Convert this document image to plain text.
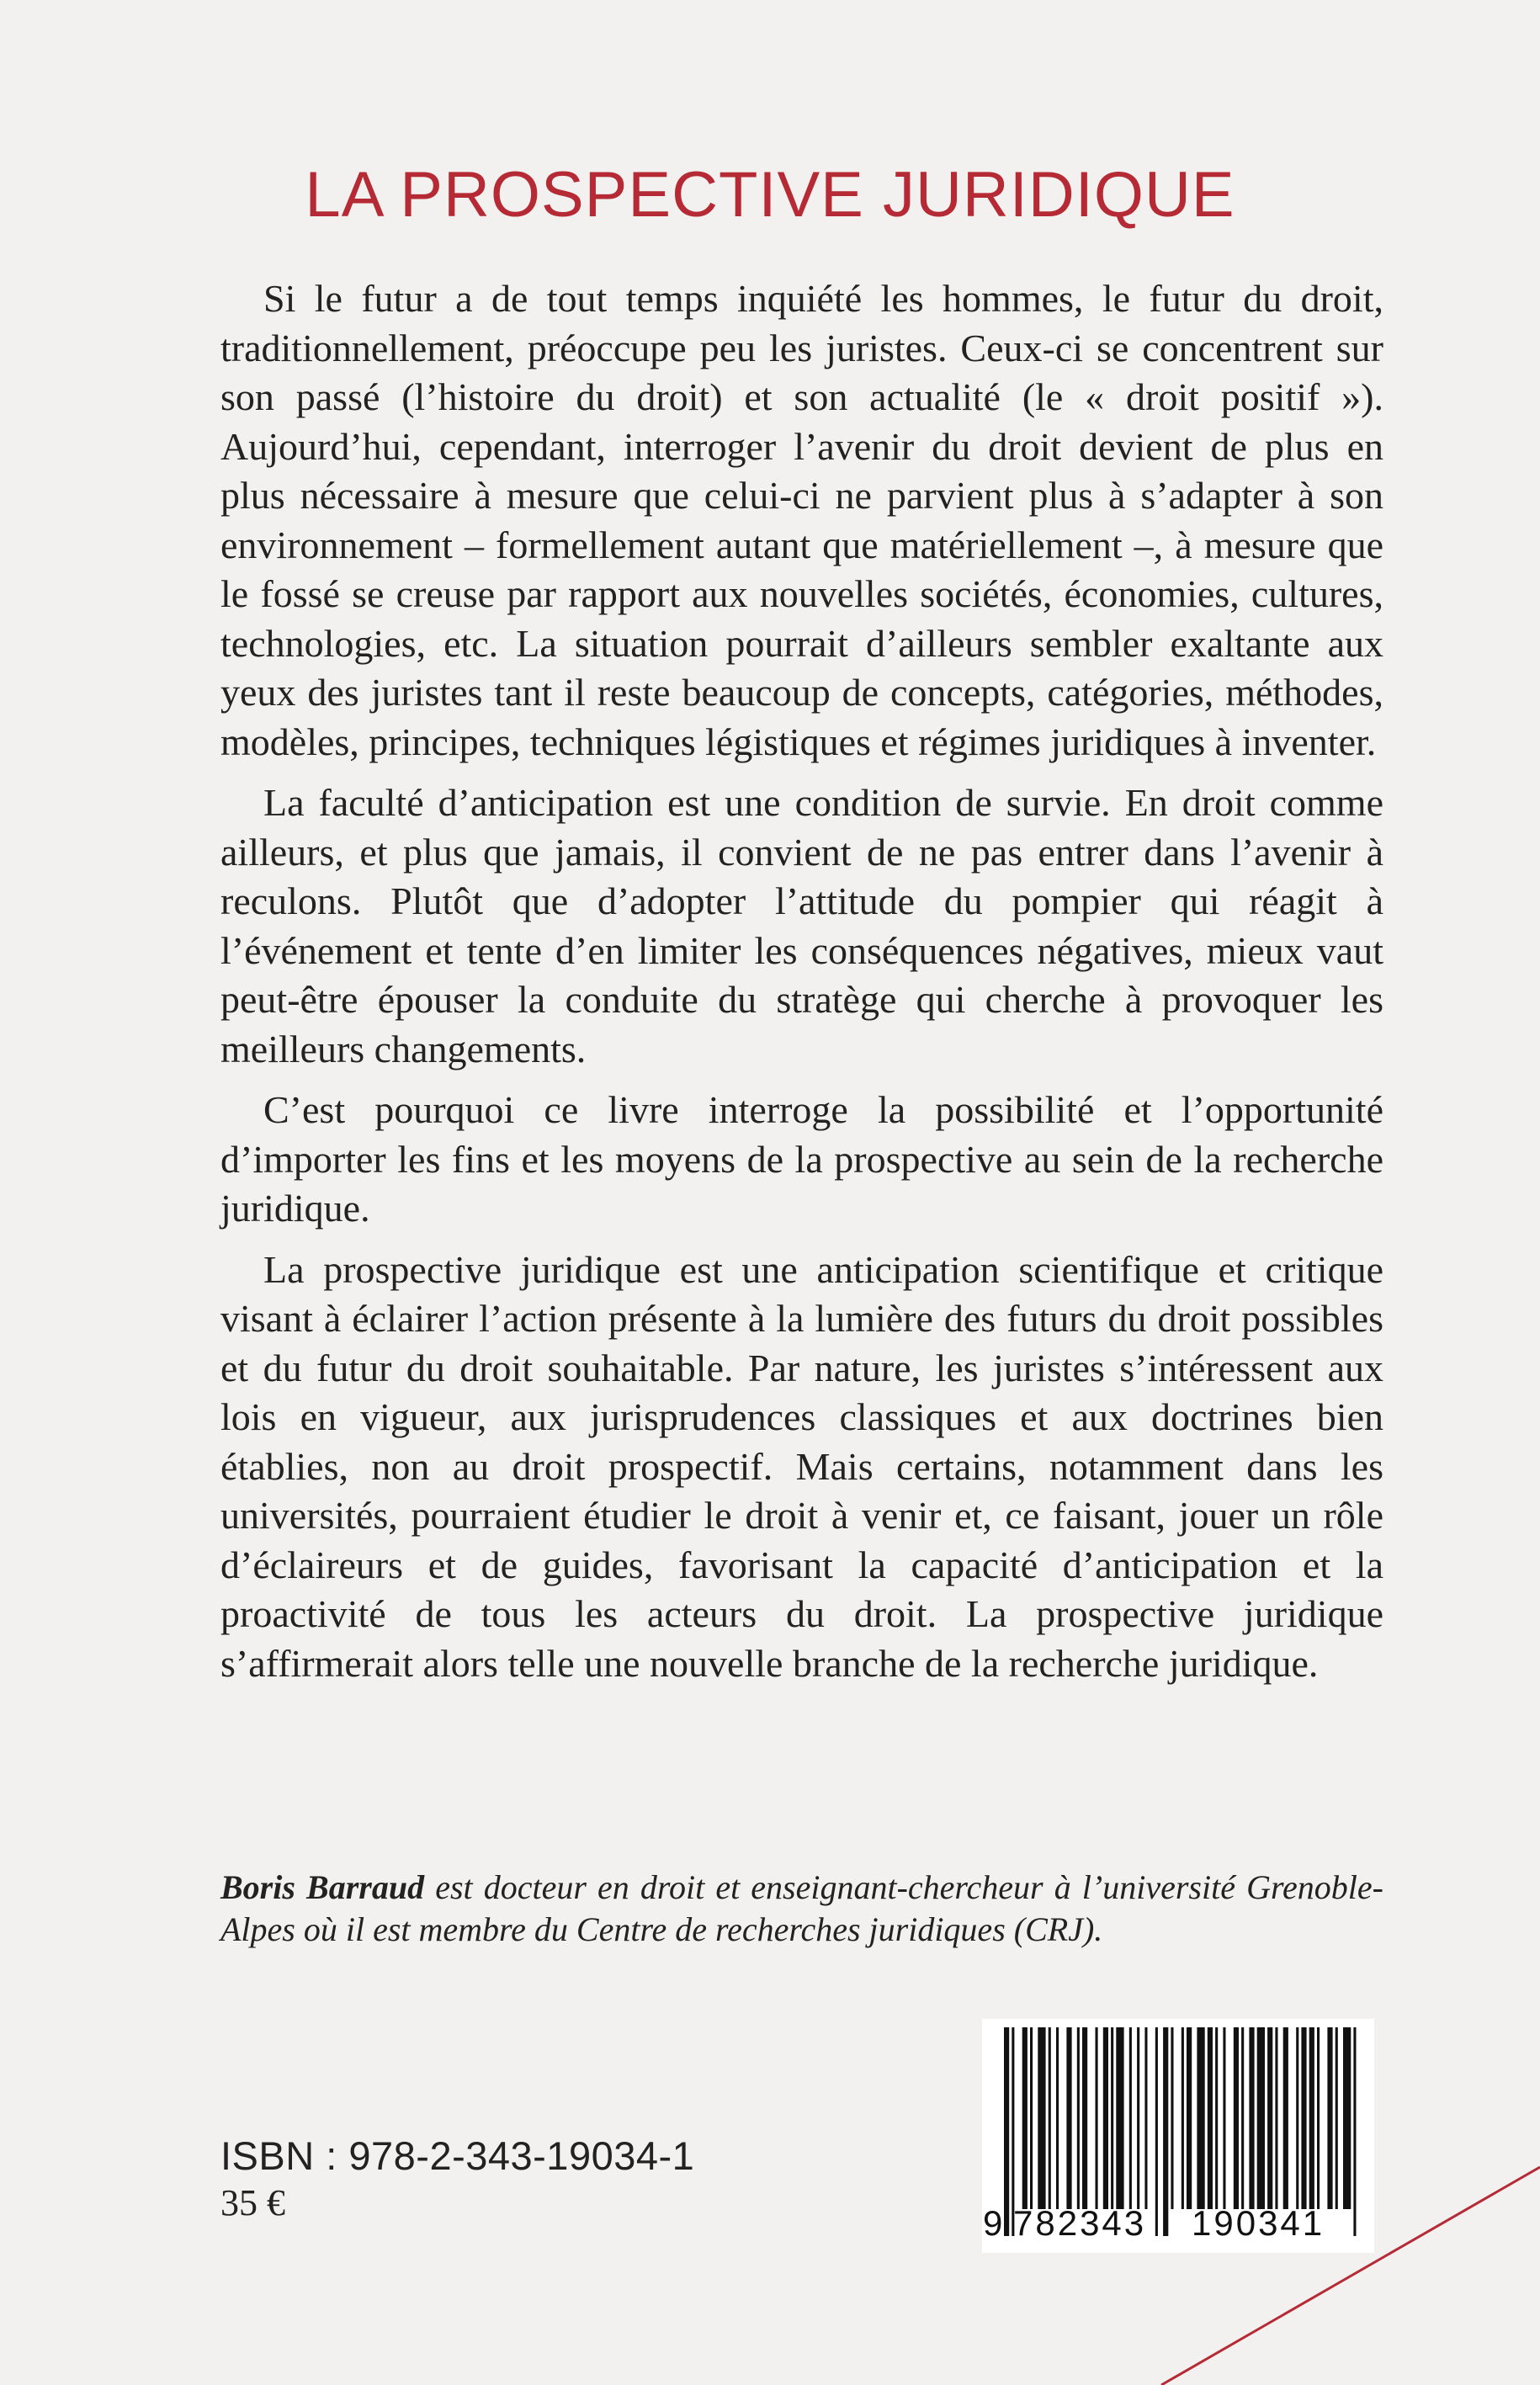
LA PROSPECTIVE JURIDIQUE

Si le futur a de tout temps inquiété les hommes, le futur du droit, traditionnellement, préoccupe peu les juristes. Ceux-ci se concentrent sur son passé (l’histoire du droit) et son actualité (le « droit positif »). Aujourd’hui, cependant, interroger l’avenir du droit devient de plus en plus nécessaire à mesure que celui-ci ne parvient plus à s’adapter à son environnement – formellement autant que matériellement –, à mesure que le fossé se creuse par rapport aux nouvelles sociétés, économies, cultures, technologies, etc. La situation pourrait d’ailleurs sembler exaltante aux yeux des juristes tant il reste beaucoup de concepts, catégories, méthodes, modèles, principes, techniques légistiques et régimes juridiques à inventer.

La faculté d’anticipation est une condition de survie. En droit comme ailleurs, et plus que jamais, il convient de ne pas entrer dans l’avenir à reculons. Plutôt que d’adopter l’attitude du pompier qui réagit à l’événement et tente d’en limiter les conséquences négatives, mieux vaut peut-être épouser la conduite du stratège qui cherche à provoquer les meilleurs changements.

C’est pourquoi ce livre interroge la possibilité et l’opportunité d’importer les fins et les moyens de la prospective au sein de la recherche juridique.

La prospective juridique est une anticipation scientifique et critique visant à éclairer l’action présente à la lumière des futurs du droit possibles et du futur du droit souhaitable. Par nature, les juristes s’intéressent aux lois en vigueur, aux jurisprudences classiques et aux doctrines bien établies, non au droit prospectif. Mais certains, notamment dans les universités, pourraient étudier le droit à venir et, ce faisant, jouer un rôle d’éclaireurs et de guides, favorisant la capacité d’anticipation et la proactivité de tous les acteurs du droit. La prospective juridique s’affirmerait alors telle une nouvelle branche de la recherche juridique.

Boris Barraud est docteur en droit et enseignant-chercheur à l’université Grenoble-Alpes où il est membre du Centre de recherches juridiques (CRJ).
ISBN : 978-2-343-19034-1
35 €	9 782343 190341
